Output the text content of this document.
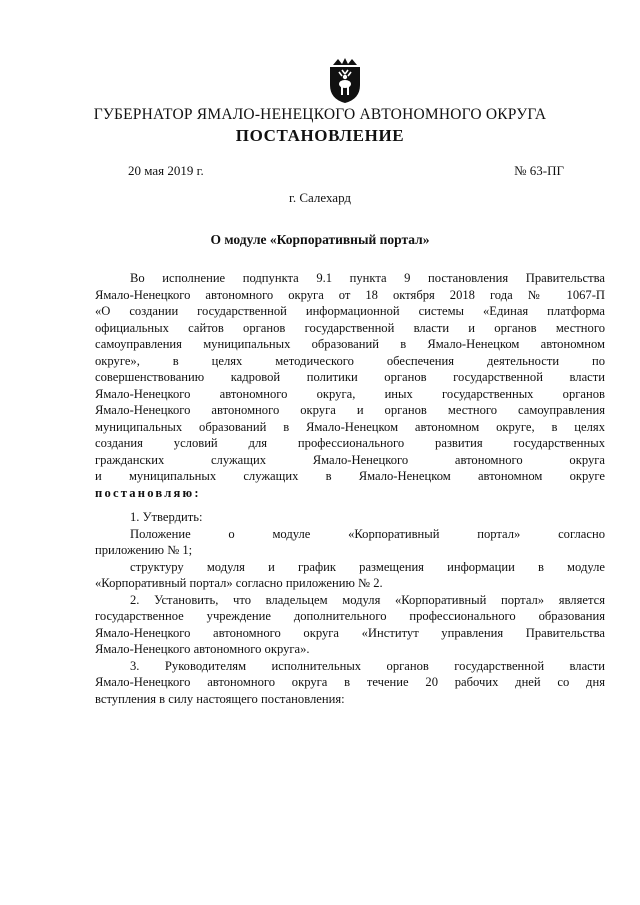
ГУБЕРНАТОР ЯМАЛО-НЕНЕЦКОГО АВТОНОМНОГО ОКРУГА
ПОСТАНОВЛЕНИЕ
20 мая 2019 г.	№ 63-ПГ
г. Салехард
О модуле «Корпоративный портал»
Во исполнение подпункта 9.1 пункта 9 постановления Правительства
Ямало-Ненецкого автономного округа от 18 октября 2018 года № 1067-П
«О создании государственной информационной системы «Единая платформа
официальных сайтов органов государственной власти и органов местного
самоуправления муниципальных образований в Ямало-Ненецком автономном
округе», в целях методического обеспечения деятельности по
совершенствованию кадровой политики органов государственной власти
Ямало-Ненецкого автономного округа, иных государственных органов
Ямало-Ненецкого автономного округа и органов местного самоуправления
муниципальных образований в Ямало-Ненецком автономном округе, в целях
создания условий для профессионального развития государственных
гражданских служащих Ямало-Ненецкого автономного округа
и муниципальных служащих в Ямало-Ненецком автономном округе
постановляю:
1. Утвердить:
Положение о модуле «Корпоративный портал» согласно
приложению № 1;
структуру модуля и график размещения информации в модуле
«Корпоративный портал» согласно приложению № 2.
2. Установить, что владельцем модуля «Корпоративный портал» является
государственное учреждение дополнительного профессионального образования
Ямало-Ненецкого автономного округа «Институт управления Правительства
Ямало-Ненецкого автономного округа».
3. Руководителям исполнительных органов государственной власти
Ямало-Ненецкого автономного округа в течение 20 рабочих дней со дня
вступления в силу настоящего постановления:
